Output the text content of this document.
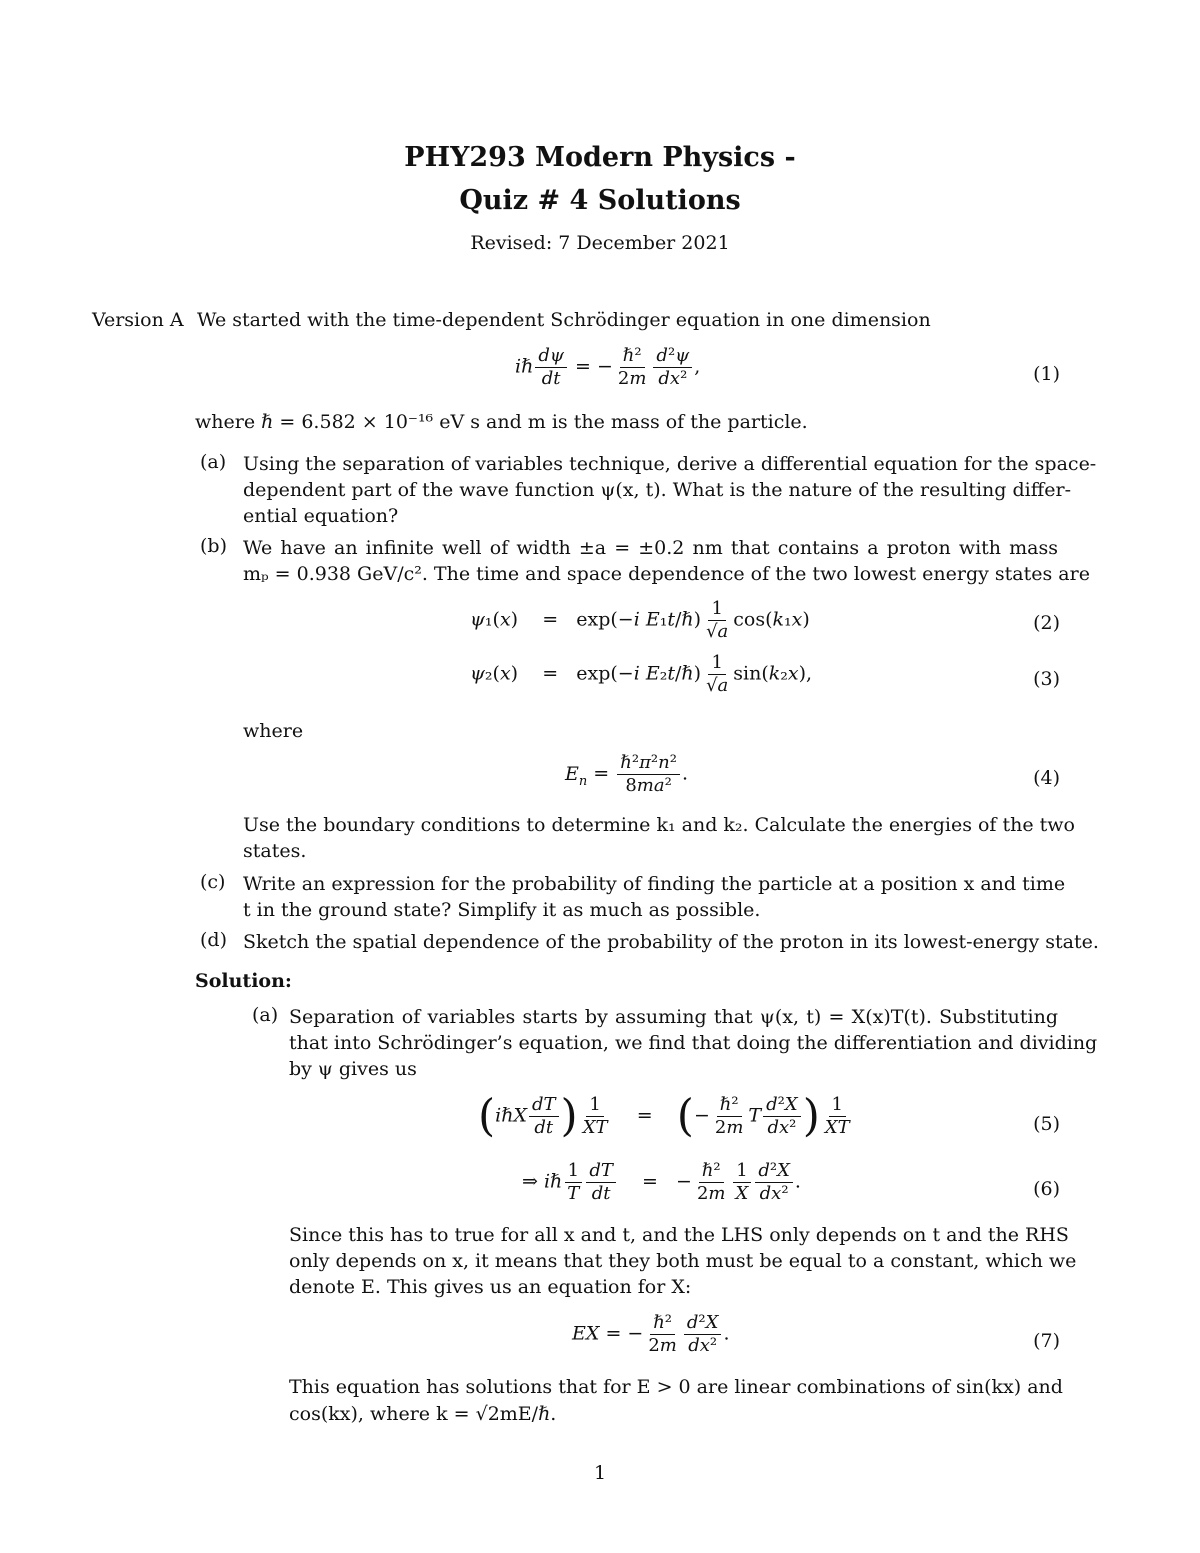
PHY293 Modern Physics -
Quiz # 4 Solutions
Revised: 7 December 2021
Version A We started with the time-dependent Schrödinger equation in one dimension
iℏ $\frac{d\psi}{dt}$ = − $\frac{\text{ℏ²}}{2m} \frac{\text{d²ψ}}{\text{dx²}}$ ,	(1)
where ℏ = 6.582 × 10⁻¹⁶ eV s and m is the mass of the particle.
(a) Using the separation of variables technique, derive a differential equation for the space-
dependent part of the wave function ψ(x, t). What is the nature of the resulting differ-
ential equation?
(b) We have an infinite well of width ±a = ±0.2 nm that contains a proton with mass
mₚ = 0.938 GeV/c². The time and space dependence of the two lowest energy states are
ψ₁(x)    =   exp(−i E₁t/ℏ) $\frac{1}{√a} \cos(k_1x)$	(2)
ψ₂(x)    =   exp(−i E₂t/ℏ) $\frac{1}{√a} \sin(k_2x)$,	(3)
where
$E_n = \frac{\text{ℏ²π²n²}}{\text{8ma²}}$ .	(4)
Use the boundary conditions to determine k₁ and k₂. Calculate the energies of the two
states.
(c) Write an expression for the probability of finding the particle at a position x and time
t in the ground state? Simplify it as much as possible.
(d) Sketch the spatial dependence of the probability of the proton in its lowest-energy state.
Solution:
(a) Separation of variables starts by assuming that ψ(x, t) = X(x)T(t). Substituting
that into Schrödinger’s equation, we find that doing the differentiation and dividing
by ψ gives us
(iℏX $\frac{dT}{dt}$ ) $\frac{1}{XT}$ =    (− $\frac{\text{ℏ²}}{2m}$ T $\frac{\text{d²X}}{\text{dx²}}$ ) $\frac{1}{XT}$	(5)
⇒ iℏ $\frac{1}{T} \frac{dT}{dt}$ =   − $\frac{\text{ℏ²}}{2m} \frac{1}{X} \frac{\text{d²X}}{\text{dx²}}$ .	(6)
Since this has to true for all x and t, and the LHS only depends on t and the RHS
only depends on x, it means that they both must be equal to a constant, which we
denote E. This gives us an equation for X:
EX = − $\frac{\text{ℏ²}}{2m} \frac{\text{d²X}}{\text{dx²}}$ .	(7)
This equation has solutions that for E > 0 are linear combinations of sin(kx) and
cos(kx), where k = √2mE/ℏ.
1
